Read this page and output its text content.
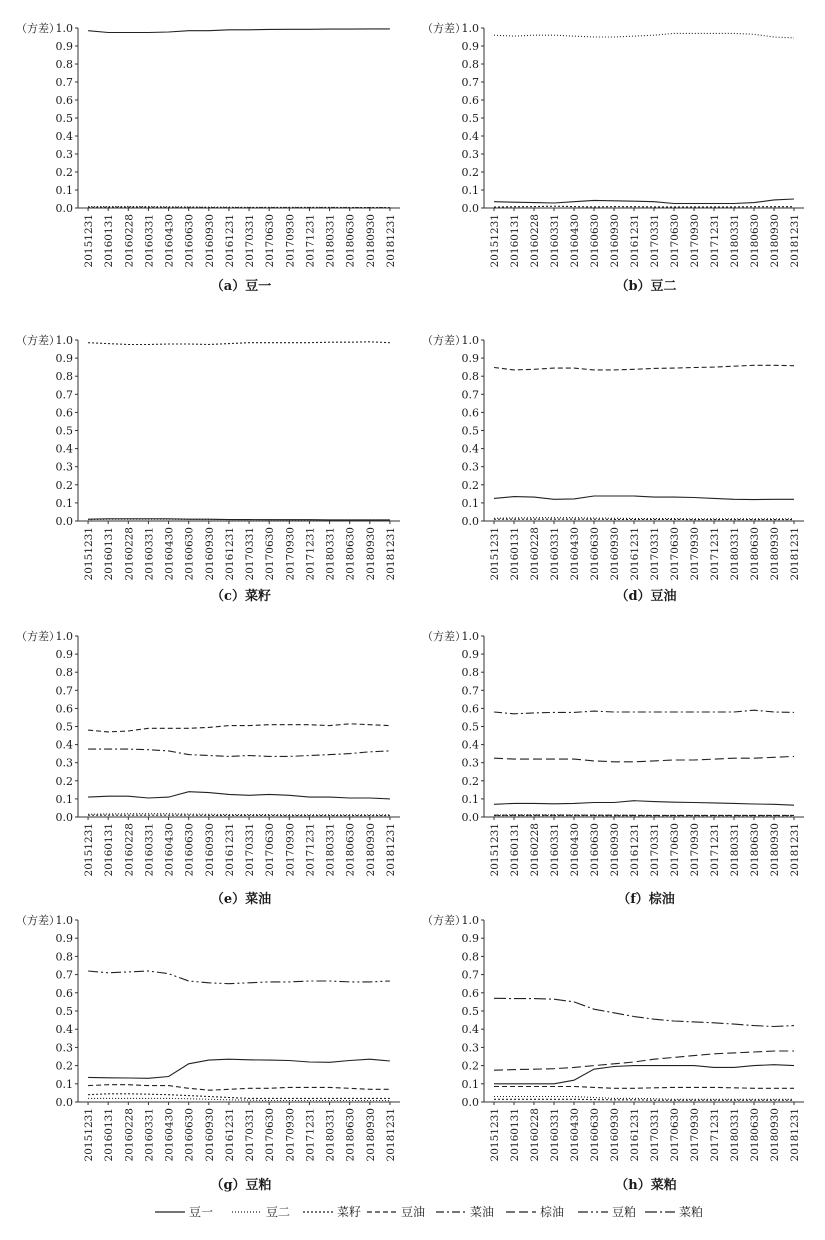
0.0
0.1
0.2
0.3
0.4
0.5
0.6
0.7
0.8
0.9
1.0
（方差）
20151231 20160131 20160228 20160331 20160430 20160630 20160930 20161231 20170331 20170630 20170930 20171231 20180331 20180630 20180930 20181231
（a）豆一
0.0
0.1
0.2
0.3
0.4
0.5
0.6
0.7
0.8
0.9
1.0
（方差）
20151231 20160131 20160228 20160331 20160430 20160630 20160930 20161231 20170331 20170630 20170930 20171231 20180331 20180630 20180930 20181231
（b）豆二
0.0
0.1
0.2
0.3
0.4
0.5
0.6
0.7
0.8
0.9
1.0
（方差）
20151231 20160131 20160228 20160331 20160430 20160630 20160930 20161231 20170331 20170630 20170930 20171231 20180331 20180630 20180930 20181231
（c）菜籽
0.0
0.1
0.2
0.3
0.4
0.5
0.6
0.7
0.8
0.9
1.0
（方差）
20151231 20160131 20160228 20160331 20160430 20160630 20160930 20161231 20170331 20170630 20170930 20171231 20180331 20180630 20180930 20181231
（d）豆油
0.0
0.1
0.2
0.3
0.4
0.5
0.6
0.7
0.8
0.9
1.0
（方差）
20151231 20160131 20160228 20160331 20160430 20160630 20160930 20161231 20170331 20170630 20170930 20171231 20180331 20180630 20180930 20181231
（e）菜油
0.0
0.1
0.2
0.3
0.4
0.5
0.6
0.7
0.8
0.9
1.0
（方差）
20151231 20160131 20160228 20160331 20160430 20160630 20160930 20161231 20170331 20170630 20170930 20171231 20180331 20180630 20180930 20181231
（f）棕油
0.0
0.1
0.2
0.3
0.4
0.5
0.6
0.7
0.8
0.9
1.0
（方差）
20151231 20160131 20160228 20160331 20160430 20160630 20160930 20161231 20170331 20170630 20170930 20171231 20180331 20180630 20180930 20181231
（g）豆粕
0.0
0.1
0.2
0.3
0.4
0.5
0.6
0.7
0.8
0.9
1.0
（方差）
20151231 20160131 20160228 20160331 20160430 20160630 20160930 20161231 20170331 20170630 20170930 20171231 20180331 20180630 20180930 20181231
（h）菜粕
豆一	豆二	菜籽	豆油	菜油	棕油	豆粕	菜粕
